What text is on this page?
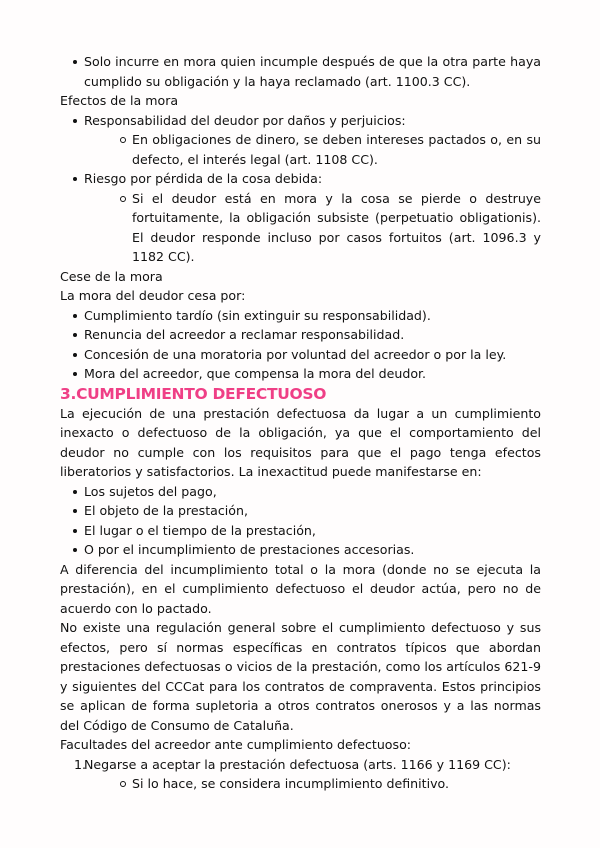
Solo incurre en mora quien incumple después de que la otra parte haya cumplido su obligación y la haya reclamado (art. 1100.3 CC).

Efectos de la mora

Responsabilidad del deudor por daños y perjuicios:
En obligaciones de dinero, se deben intereses pactados o, en su defecto, el interés legal (art. 1108 CC).
Riesgo por pérdida de la cosa debida:
Si el deudor está en mora y la cosa se pierde o destruye fortuitamente, la obligación subsiste (perpetuatio obligationis). El deudor responde incluso por casos fortuitos (art. 1096.3 y 1182 CC).

Cese de la mora

La mora del deudor cesa por:

Cumplimiento tardío (sin extinguir su responsabilidad).
Renuncia del acreedor a reclamar responsabilidad.
Concesión de una moratoria por voluntad del acreedor o por la ley.
Mora del acreedor, que compensa la mora del deudor.
3.CUMPLIMIENTO DEFECTUOSO

La ejecución de una prestación defectuosa da lugar a un cumplimiento inexacto o defectuoso de la obligación, ya que el comportamiento del deudor no cumple con los requisitos para que el pago tenga efectos liberatorios y satisfactorios. La inexactitud puede manifestarse en:

Los sujetos del pago,
El objeto de la prestación,
El lugar o el tiempo de la prestación,
O por el incumplimiento de prestaciones accesorias.

A diferencia del incumplimiento total o la mora (donde no se ejecuta la prestación), en el cumplimiento defectuoso el deudor actúa, pero no de acuerdo con lo pactado.

No existe una regulación general sobre el cumplimiento defectuoso y sus efectos, pero sí normas específicas en contratos típicos que abordan prestaciones defectuosas o vicios de la prestación, como los artículos 621-9 y siguientes del CCCat para los contratos de compraventa. Estos principios se aplican de forma supletoria a otros contratos onerosos y a las normas del Código de Consumo de Cataluña.

Facultades del acreedor ante cumplimiento defectuoso:

1.
Negarse a aceptar la prestación defectuosa (arts. 1166 y 1169 CC):
Si lo hace, se considera incumplimiento definitivo.
